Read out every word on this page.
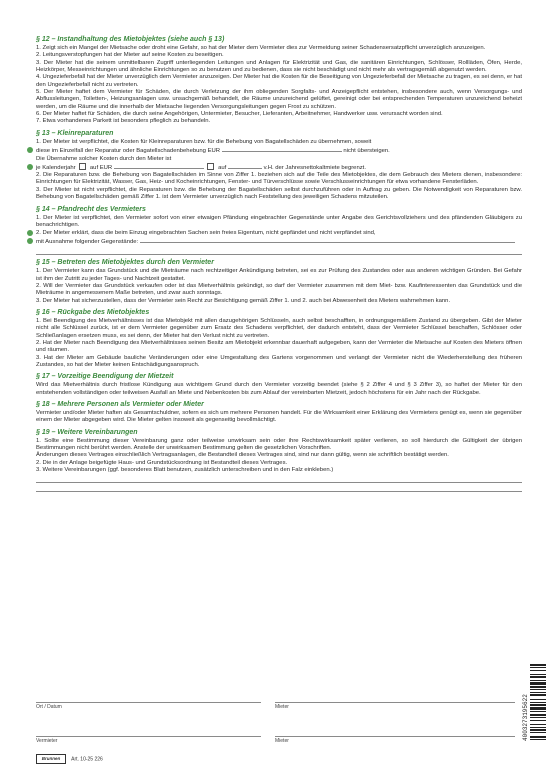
§ 12 – Instandhaltung des Mietobjektes (siehe auch § 13)

1. Zeigt sich ein Mangel der Mietsache oder droht eine Gefahr, so hat der Mieter dem Vermieter dies zur Vermeidung seiner Schadensersatzpflicht unverzüglich anzuzeigen.

2. Leitungsverstopfungen hat der Mieter auf seine Kosten zu beseitigen.

3. Der Mieter hat die seinem unmittelbaren Zugriff unterliegenden Leitungen und Anlagen für Elektrizität und Gas, die sanitären Einrichtungen, Schlösser, Rollläden, Öfen, Herde, Heizkörper, Messeinrichtungen und ähnliche Einrichtungen so zu benutzen und zu bedienen, dass sie nicht beschädigt und nicht mehr als vertragsgemäß abgenutzt werden.

4. Ungezieferbefall hat der Mieter unverzüglich dem Vermieter anzuzeigen. Der Mieter hat die Kosten für die Beseitigung von Ungezieferbefall der Mietsache zu tragen, es sei denn, er hat den Ungezieferbefall nicht zu vertreten.

5. Der Mieter haftet dem Vermieter für Schäden, die durch Verletzung der ihm obliegenden Sorgfalts- und Anzeigepflicht entstehen, insbesondere auch, wenn Versorgungs- und Abflussleitungen, Toiletten-, Heizungsanlagen usw. unsachgemäß behandelt, die Räume unzureichend gelüftet, gereinigt oder bei entsprechenden Temperaturen unzureichend beheizt werden, um die Räume und die innerhalb der Mietsache liegenden Versorgungsleitungen gegen Frost zu schützen.

6. Der Mieter haftet für Schäden, die durch seine Angehörigen, Untermieter, Besucher, Lieferanten, Arbeitnehmer, Handwerker usw. verursacht worden sind.

7. Etwa vorhandenes Parkett ist besonders pfleglich zu behandeln.

§ 13 – Kleinreparaturen

1. Der Mieter ist verpflichtet, die Kosten für Kleinreparaturen bzw. für die Behebung von Bagatellschäden zu übernehmen, soweit

diese im Einzelfall der Reparatur oder Bagatellschadenbehebung EUR	nicht übersteigen.
Die Übernahme solcher Kosten durch den Mieter ist
je Kalenderjahr auf EUR	auf	v.H. der Jahresnettokaltmiete begrenzt.

2. Die Reparaturen bzw. die Behebung von Bagatellschäden im Sinne von Ziffer 1. beziehen sich auf die Teile des Mietobjektes, die dem Gebrauch des Mieters dienen, insbesondere: Einrichtungen für Elektrizität, Wasser, Gas, Heiz- und Kocheinrichtungen, Fenster- und Türverschlüsse sowie Verschlusseinrichtungen für etwa vorhandene Fensterläden.

3. Der Mieter ist nicht verpflichtet, die Reparaturen bzw. die Behebung der Bagatellschäden selbst durchzuführen oder in Auftrag zu geben. Die Notwendigkeit von Reparaturen bzw. Behebung von Bagatellschäden gemäß Ziffer 1. ist dem Vermieter unverzüglich nach Feststellung des jeweiligen Schadens mitzuteilen.

§ 14 – Pfandrecht des Vermieters

1. Der Mieter ist verpflichtet, den Vermieter sofort von einer etwaigen Pfändung eingebrachter Gegenstände unter Angabe des Gerichtsvollziehers und des pfändenden Gläubigers zu benachrichtigen.

2. Der Mieter erklärt, dass die beim Einzug eingebrachten Sachen sein freies Eigentum, nicht gepfändet und nicht verpfändet sind,
mit Ausnahme folgender Gegenstände:
§ 15 – Betreten des Mietobjektes durch den Vermieter

1. Der Vermieter kann das Grundstück und die Mieträume nach rechtzeitiger Ankündigung betreten, sei es zur Prüfung des Zustandes oder aus anderen wichtigen Gründen. Bei Gefahr ist ihm der Zutritt zu jeder Tages- und Nachtzeit gestattet.

2. Will der Vermieter das Grundstück verkaufen oder ist das Mietverhältnis gekündigt, so darf der Vermieter zusammen mit dem Miet- bzw. Kaufinteressenten das Grundstück und die Mieträume in angemessenem Maße betreten, und zwar auch sonntags.

3. Der Mieter hat sicherzustellen, dass der Vermieter sein Recht zur Besichtigung gemäß Ziffer 1. und 2. auch bei Abwesenheit des Mieters wahrnehmen kann.

§ 16 – Rückgabe des Mietobjektes

1. Bei Beendigung des Mietverhältnisses ist das Mietobjekt mit allen dazugehörigen Schlüsseln, auch selbst beschafften, in ordnungsgemäßem Zustand zu übergeben. Gibt der Mieter nicht alle Schlüssel zurück, ist er dem Vermieter gegenüber zum Ersatz des Schadens verpflichtet, der dadurch entsteht, dass der Vermieter Schlüssel beschaffen, Schlösser oder Schließanlagen ersetzen muss, es sei denn, der Mieter hat den Verlust nicht zu vertreten.

2. Hat der Mieter nach Beendigung des Mietverhältnisses seinen Besitz am Mietobjekt erkennbar dauerhaft aufgegeben, kann der Vermieter die Mietsache auf Kosten des Mieters öffnen und räumen.

3. Hat der Mieter am Gebäude bauliche Veränderungen oder eine Umgestaltung des Gartens vorgenommen und verlangt der Vermieter nicht die Wiederherstellung des früheren Zustandes, so hat der Mieter keinen Entschädigungsanspruch.

§ 17 – Vorzeitige Beendigung der Mietzeit

Wird das Mietverhältnis durch fristlose Kündigung aus wichtigem Grund durch den Vermieter vorzeitig beendet (siehe § 2 Ziffer 4 und § 3 Ziffer 3), so haftet der Mieter für den entstehenden vollständigen oder teilweisen Ausfall an Miete und Nebenkosten bis zum Ablauf der vereinbarten Mietzeit, jedoch höchstens für ein Jahr nach der Rückgabe.

§ 18 – Mehrere Personen als Vermieter oder Mieter

Vermieter und/oder Mieter haften als Gesamtschuldner, sofern es sich um mehrere Personen handelt. Für die Wirksamkeit einer Erklärung des Vermieters genügt es, wenn sie gegenüber einem der Mieter abgegeben wird. Die Mieter gelten insoweit als gegenseitig bevollmächtigt.

§ 19 – Weitere Vereinbarungen

1. Sollte eine Bestimmung dieser Vereinbarung ganz oder teilweise unwirksam sein oder ihre Rechtswirksamkeit später verlieren, so soll hierdurch die Gültigkeit der übrigen Bestimmungen nicht berührt werden. Anstelle der unwirksamen Bestimmung gelten die gesetzlichen Vorschriften.

Änderungen dieses Vertrages einschließlich Vertragsanlagen, die Bestandteil dieses Vertrages sind, sind nur dann gültig, wenn sie schriftlich bestätigt werden.

2. Die in der Anlage beigefügte Haus- und Grundstücksordnung ist Bestandteil dieses Vertrages.

3. Weitere Vereinbarungen (ggf. besonderes Blatt benutzen, zusätzlich unterschreiben und in den Falz einkleben.)

Ort / Datum	Mieter
Vermieter	Mieter
Brunnen Art. 10-25 226
4003273195622
